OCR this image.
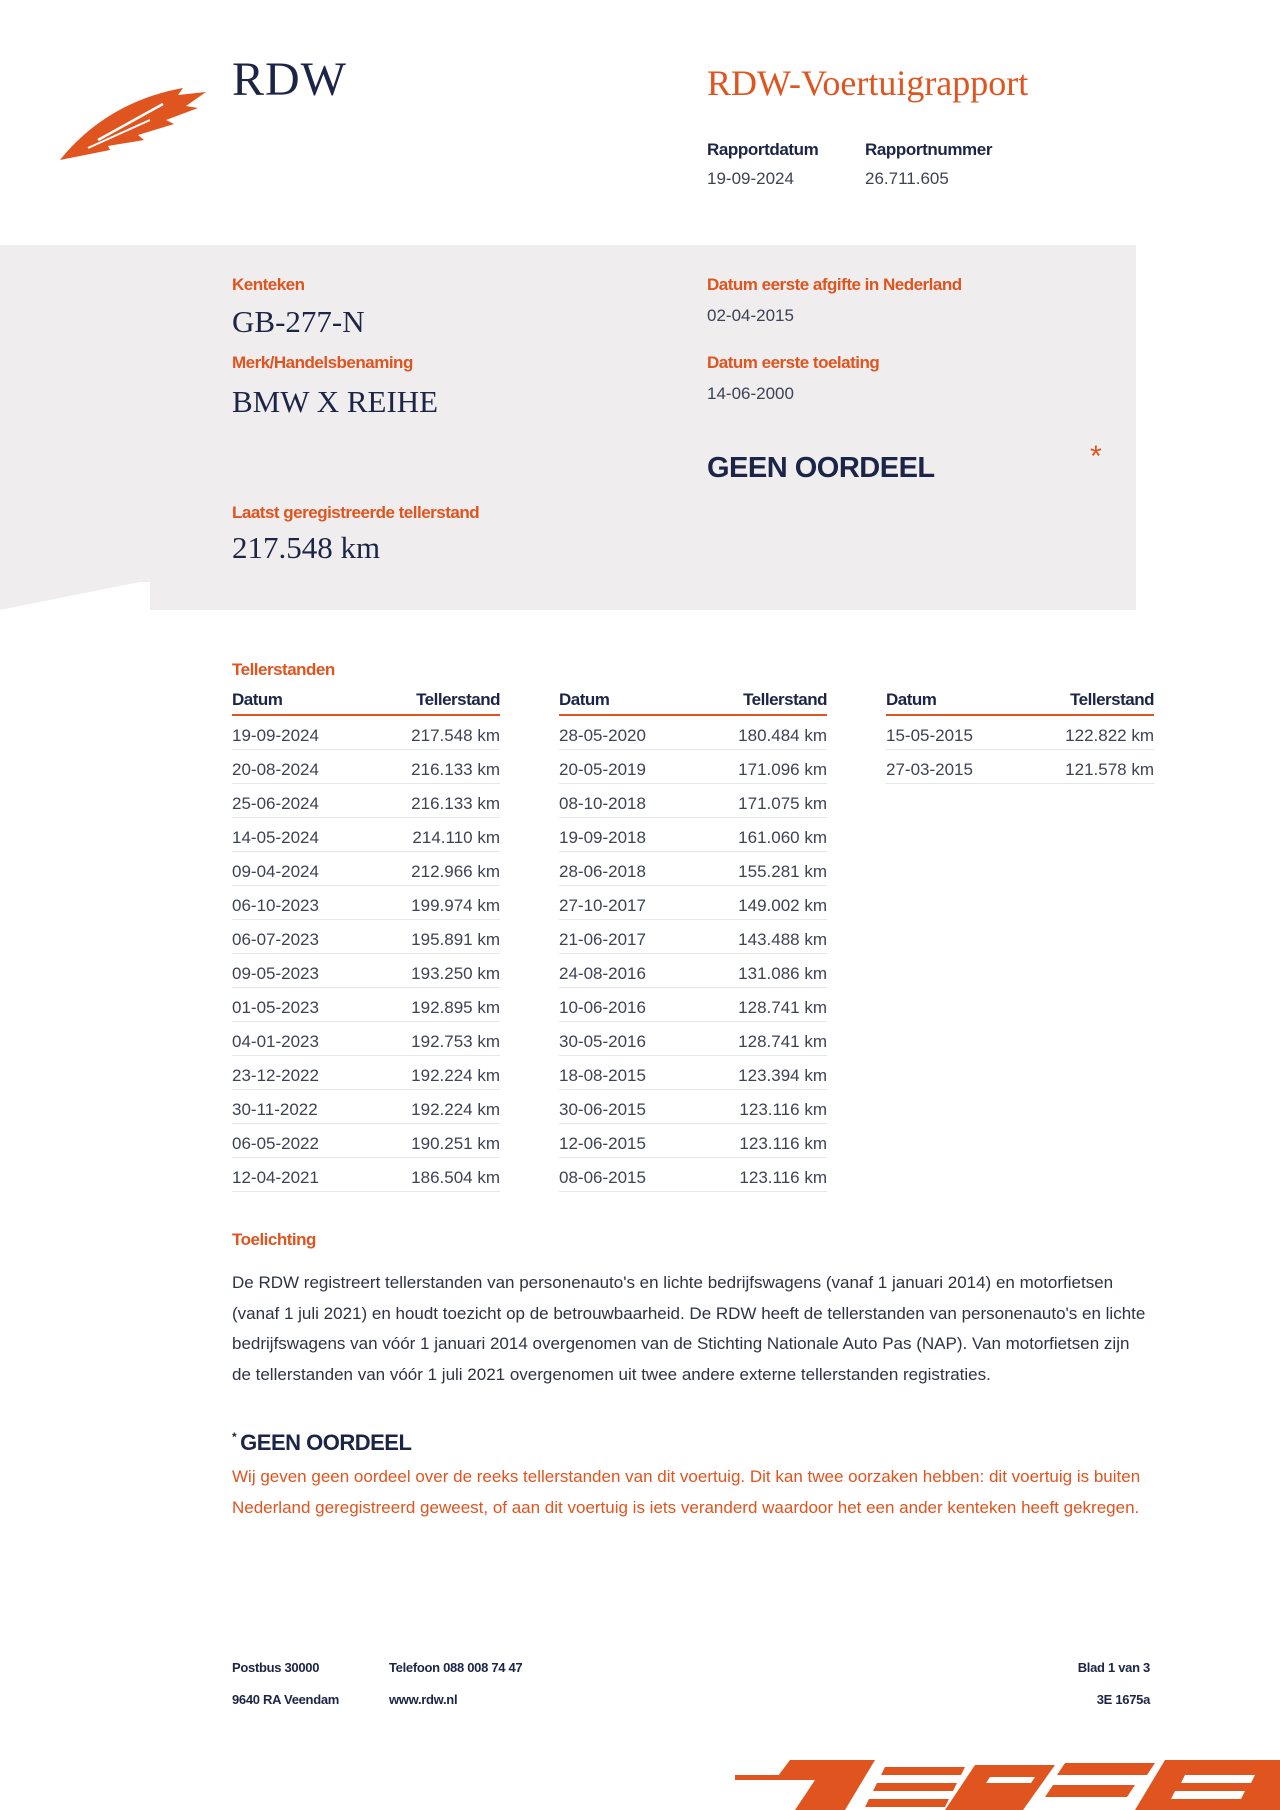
RDW	RDW-Voertuigrapport
Rapportdatum
19-09-2024
Rapportnummer
26.711.605
Kenteken
GB-277-N
Merk/Handelsbenaming
BMW X REIHE
Laatst geregistreerde tellerstand
217.548 km
Datum eerste afgifte in Nederland
02-04-2015
Datum eerste toelating
14-06-2000
GEEN OORDEEL	*
Tellerstanden
Datum	Tellerstand
19-09-2024	217.548 km
20-08-2024	216.133 km
25-06-2024	216.133 km
14-05-2024	214.110 km
09-04-2024	212.966 km
06-10-2023	199.974 km
06-07-2023	195.891 km
09-05-2023	193.250 km
01-05-2023	192.895 km
04-01-2023	192.753 km
23-12-2022	192.224 km
30-11-2022	192.224 km
06-05-2022	190.251 km
12-04-2021	186.504 km
Datum	Tellerstand
28-05-2020	180.484 km
20-05-2019	171.096 km
08-10-2018	171.075 km
19-09-2018	161.060 km
28-06-2018	155.281 km
27-10-2017	149.002 km
21-06-2017	143.488 km
24-08-2016	131.086 km
10-06-2016	128.741 km
30-05-2016	128.741 km
18-08-2015	123.394 km
30-06-2015	123.116 km
12-06-2015	123.116 km
08-06-2015	123.116 km
Datum	Tellerstand
15-05-2015	122.822 km
27-03-2015	121.578 km
Toelichting
De RDW registreert tellerstanden van personenauto's en lichte bedrijfswagens (vanaf 1 januari 2014) en motorfietsen (vanaf 1 juli 2021) en houdt toezicht op de betrouwbaarheid. De RDW heeft de tellerstanden van personenauto's en lichte bedrijfswagens van vóór 1 januari 2014 overgenomen van de Stichting Nationale Auto Pas (NAP). Van motorfietsen zijn de tellerstanden van vóór 1 juli 2021 overgenomen uit twee andere externe tellerstanden registraties.
* GEEN OORDEEL
Wij geven geen oordeel over de reeks tellerstanden van dit voertuig. Dit kan twee oorzaken hebben: dit voertuig is buiten Nederland geregistreerd geweest, of aan dit voertuig is iets veranderd waardoor het een ander kenteken heeft gekregen.
Postbus 30000
9640 RA Veendam
Telefoon 088 008 74 47
www.rdw.nl
Blad 1 van 3
3E 1675a
